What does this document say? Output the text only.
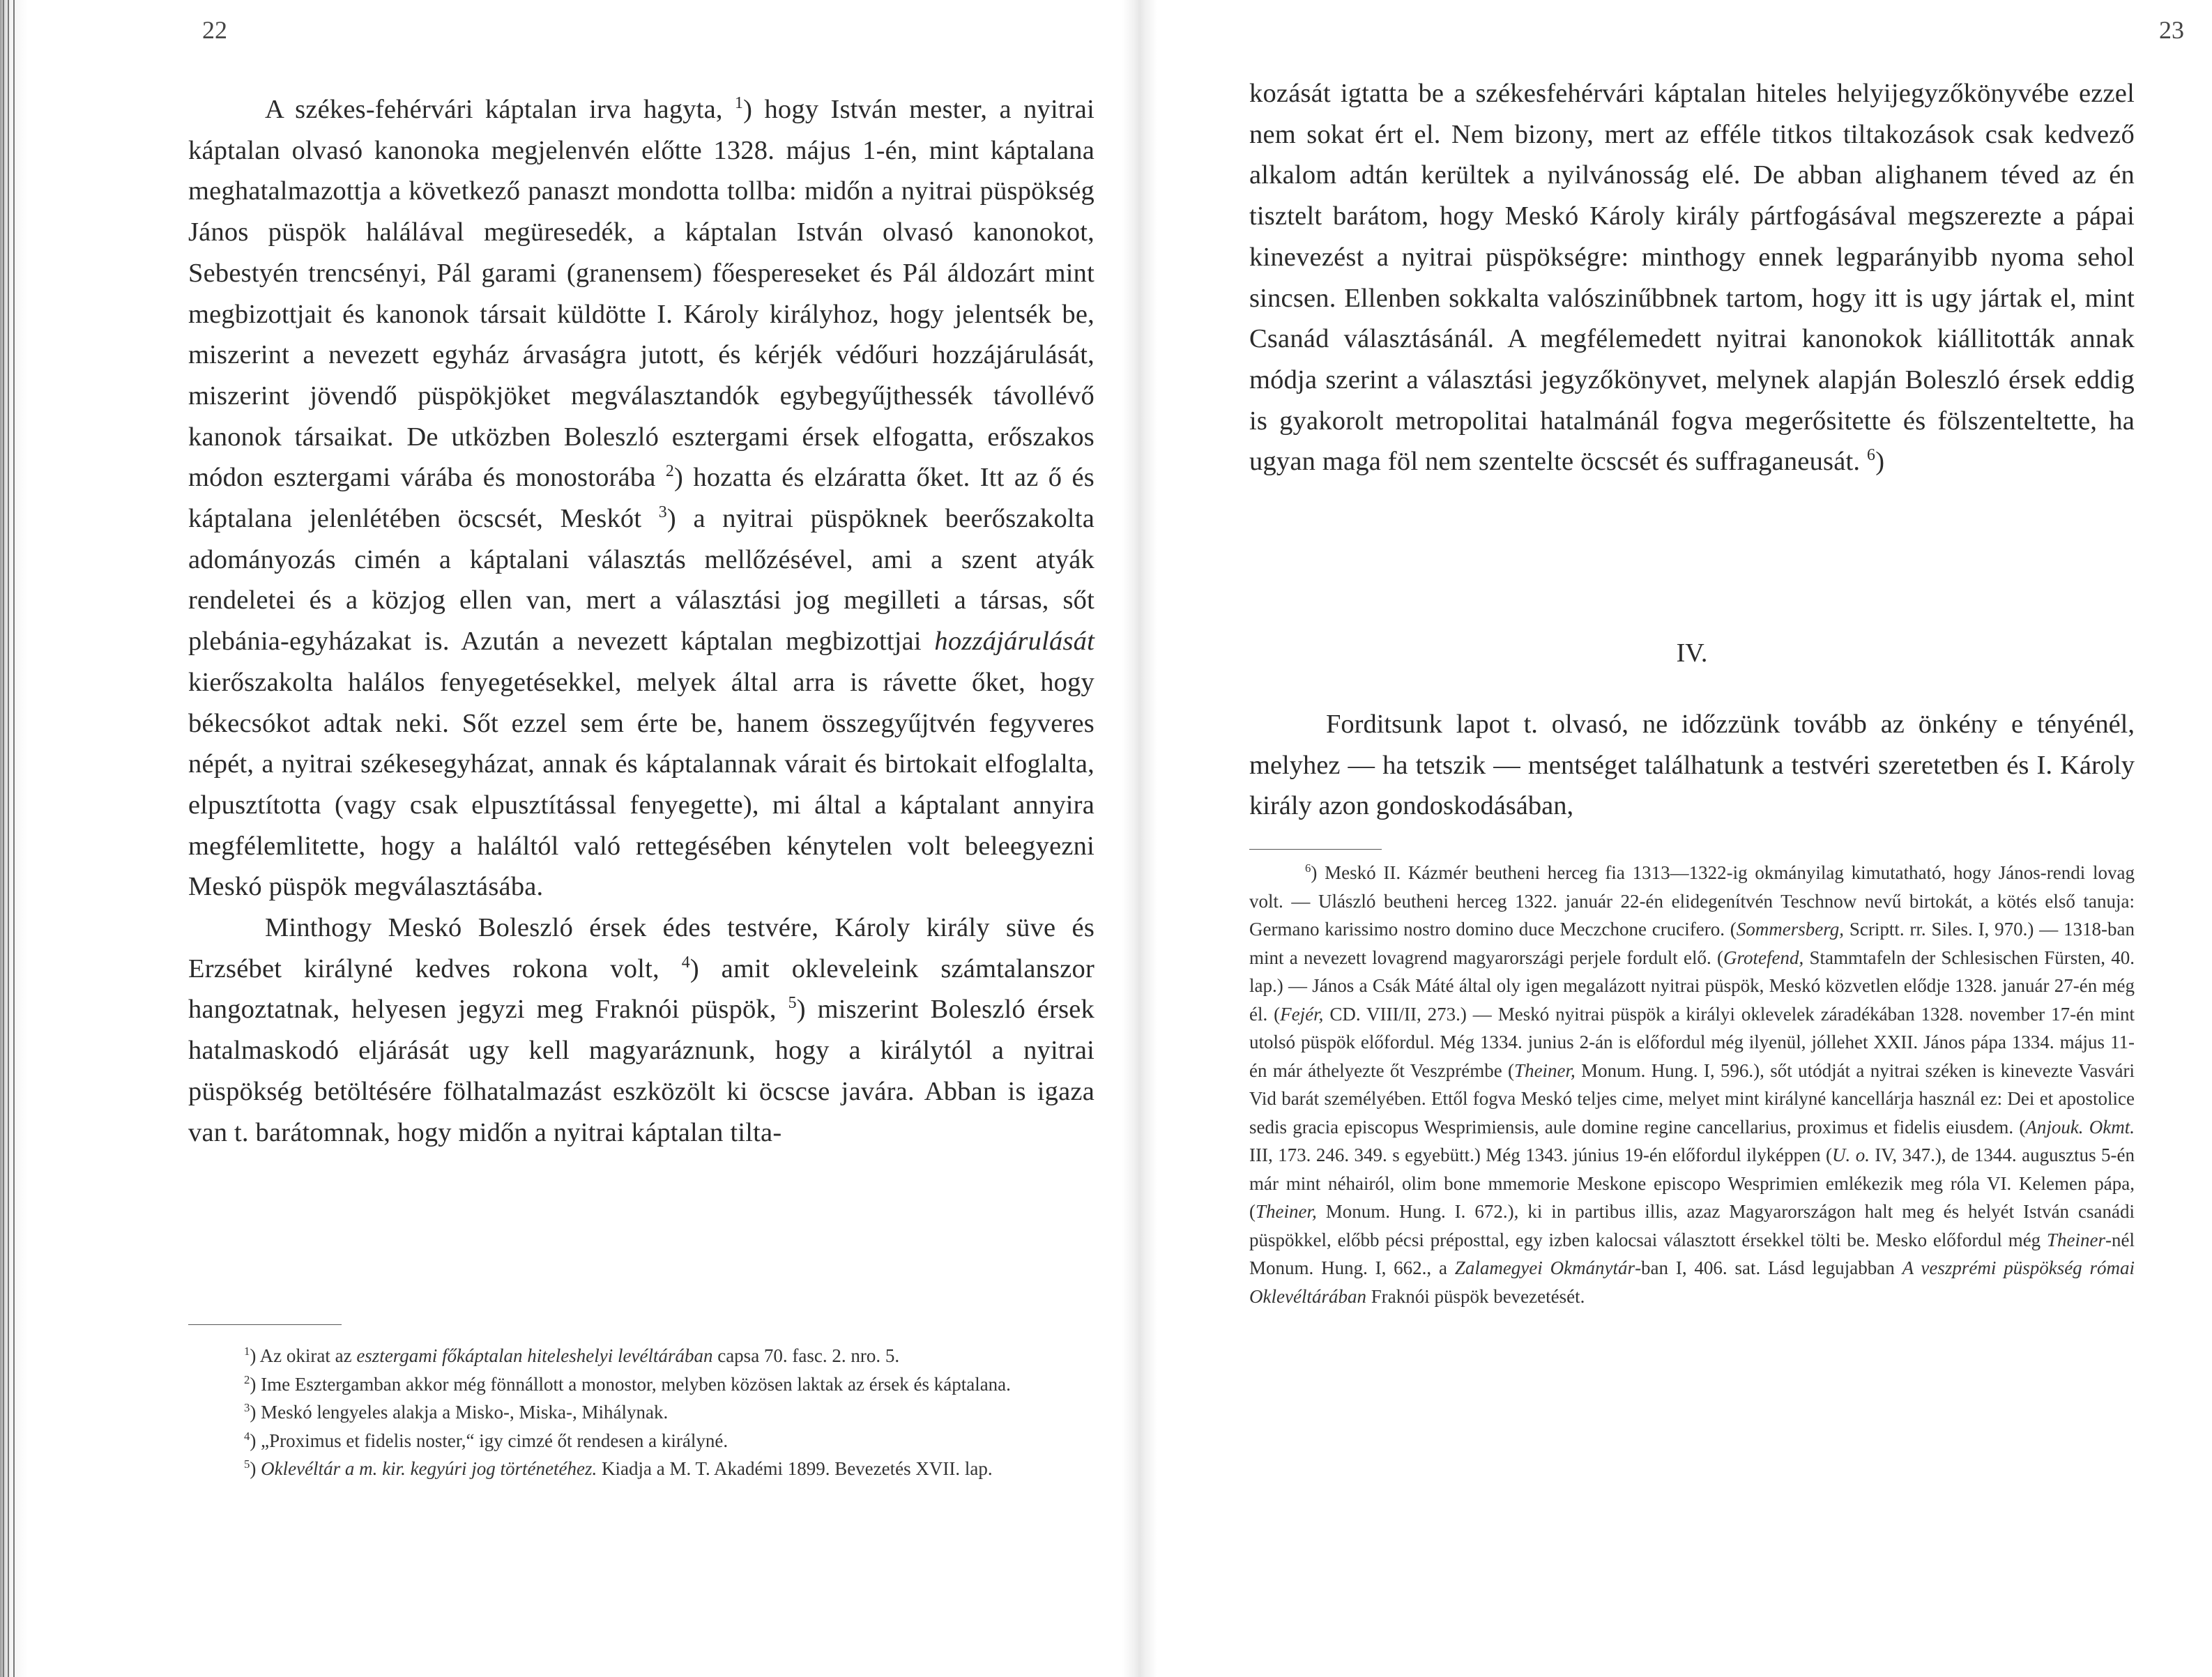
22

A székes-fehérvári káptalan irva hagyta, $^1$) hogy István mester, a nyitrai káptalan olvasó kanonoka megjelenvén előtte 1328. május 1-én, mint káptalana meghatalmazottja a következő panaszt mondotta tollba: midőn a nyitrai püspökség János püspök halálával megüresedék, a káptalan István olvasó kanonokot, Sebestyén trencsényi, Pál garami (granensem) főespereseket és Pál áldozárt mint megbizottjait és kanonok társait küldötte I. Károly királyhoz, hogy jelentsék be, miszerint a nevezett egyház árvaságra jutott, és kérjék védőuri hozzájárulását, miszerint jövendő püspökjöket megválasztandók egybegyűjthessék távollévő kanonok társaikat. De utközben Boleszló esztergami érsek elfogatta, erőszakos módon esztergami várába és monostorába $^2$) hozatta és elzáratta őket. Itt az ő és káptalana jelenlétében öcscsét, Meskót $^3$) a nyitrai püspöknek beerőszakolta adományozás cimén a káptalani választás mellőzésével, ami a szent atyák rendeletei és a közjog ellen van, mert a választási jog megilleti a társas, sőt plebánia-egyházakat is. Azután a nevezett káptalan megbizottjai hozzájárulását kierőszakolta halálos fenyegetésekkel, melyek által arra is rávette őket, hogy békecsókot adtak neki. Sőt ezzel sem érte be, hanem összegyűjtvén fegyveres népét, a nyitrai székesegyházat, annak és káptalannak várait és birtokait elfoglalta, elpusztította (vagy csak elpusztítással fenyegette), mi által a káptalant annyira megfélemlitette, hogy a haláltól való rettegésében kénytelen volt beleegyezni Meskó püspök megválasztásába.

Minthogy Meskó Boleszló érsek édes testvére, Károly király süve és Erzsébet királyné kedves rokona volt, $^4$) amit okleveleink számtalanszor hangoztatnak, helyesen jegyzi meg Fraknói püspök, $^5$) miszerint Boleszló érsek hatalmaskodó eljárását ugy kell magyaráznunk, hogy a királytól a nyitrai püspökség betöltésére fölhatalmazást eszközölt ki öcscse javára. Abban is igaza van t. barátomnak, hogy midőn a nyitrai káptalan tilta-

$^1$) Az okirat az esztergami főkáptalan hiteleshelyi levéltárában capsa 70. fasc. 2. nro. 5.

$^2$) Ime Esztergamban akkor még fönnállott a monostor, melyben közösen laktak az érsek és káptalana.

$^3$) Meskó lengyeles alakja a Misko-, Miska-, Mihálynak.

$^4$) „Proximus et fidelis noster,“ igy cimzé őt rendesen a királyné.

$^5$) Oklevéltár a m. kir. kegyúri jog történetéhez. Kiadja a M. T. Akadémi 1899. Bevezetés XVII. lap.

23

kozását igtatta be a székesfehérvári káptalan hiteles helyijegyzőkönyvébe ezzel nem sokat ért el. Nem bizony, mert az efféle titkos tiltakozások csak kedvező alkalom adtán kerültek a nyilvánosság elé. De abban alighanem téved az én tisztelt barátom, hogy Meskó Károly király pártfogásával megszerezte a pápai kinevezést a nyitrai püspökségre: minthogy ennek legparányibb nyoma sehol sincsen. Ellenben sokkalta valószinűbbnek tartom, hogy itt is ugy jártak el, mint Csanád választásánál. A megfélemedett nyitrai kanonokok kiállitották annak módja szerint a választási jegyzőkönyvet, melynek alapján Boleszló érsek eddig is gyakorolt metropolitai hatalmánál fogva megerősitette és fölszenteltette, ha ugyan maga föl nem szentelte öcscsét és suffraganeusát. $^6$)

IV.

Forditsunk lapot t. olvasó, ne időzzünk tovább az önkény e tényénél, melyhez — ha tetszik — mentséget találhatunk a testvéri szeretetben és I. Károly király azon gondoskodásában,

$^6$) Meskó II. Kázmér beutheni herceg fia 1313—1322-ig okmányilag kimutatható, hogy János-rendi lovag volt. — Ulászló beutheni herceg 1322. január 22-én elidegenítvén Teschnow nevű birtokát, a kötés első tanuja: Germano karissimo nostro domino duce Meczchone crucifero. (Sommersberg, Scriptt. rr. Siles. I, 970.) — 1318-ban mint a nevezett lovagrend magyarországi perjele fordult elő. (Grotefend, Stammtafeln der Schlesischen Fürsten, 40. lap.) — János a Csák Máté által oly igen megalázott nyitrai püspök, Meskó közvetlen elődje 1328. január 27-én még él. (Fejér, CD. VIII/II, 273.) — Meskó nyitrai püspök a királyi oklevelek záradékában 1328. november 17-én mint utolsó püspök előfordul. Még 1334. junius 2-án is előfordul még ilyenül, jóllehet XXII. János pápa 1334. május 11-én már áthelyezte őt Veszprémbe (Theiner, Monum. Hung. I, 596.), sőt utódját a nyitrai széken is kinevezte Vasvári Vid barát személyében. Ettől fogva Meskó teljes cime, melyet mint királyné kancellárja használ ez: Dei et apostolice sedis gracia episcopus Wesprimiensis, aule domine regine cancellarius, proximus et fidelis eiusdem. (Anjouk. Okmt. III, 173. 246. 349. s egyebütt.) Még 1343. június 19-én előfordul ilyképpen (U. o. IV, 347.), de 1344. augusztus 5-én már mint néhairól, olim bone mmemorie Meskone episcopo Wesprimien emlékezik meg róla VI. Kelemen pápa, (Theiner, Monum. Hung. I. 672.), ki in partibus illis, azaz Magyarországon halt meg és helyét István csanádi püspökkel, előbb pécsi préposttal, egy izben kalocsai választott érsekkel tölti be. Mesko előfordul még Theiner-nél Monum. Hung. I, 662., a Zalamegyei Okmánytár-ban I, 406. sat. Lásd legujabban A veszprémi püspökség római Oklevéltárában Fraknói püspök bevezetését.
